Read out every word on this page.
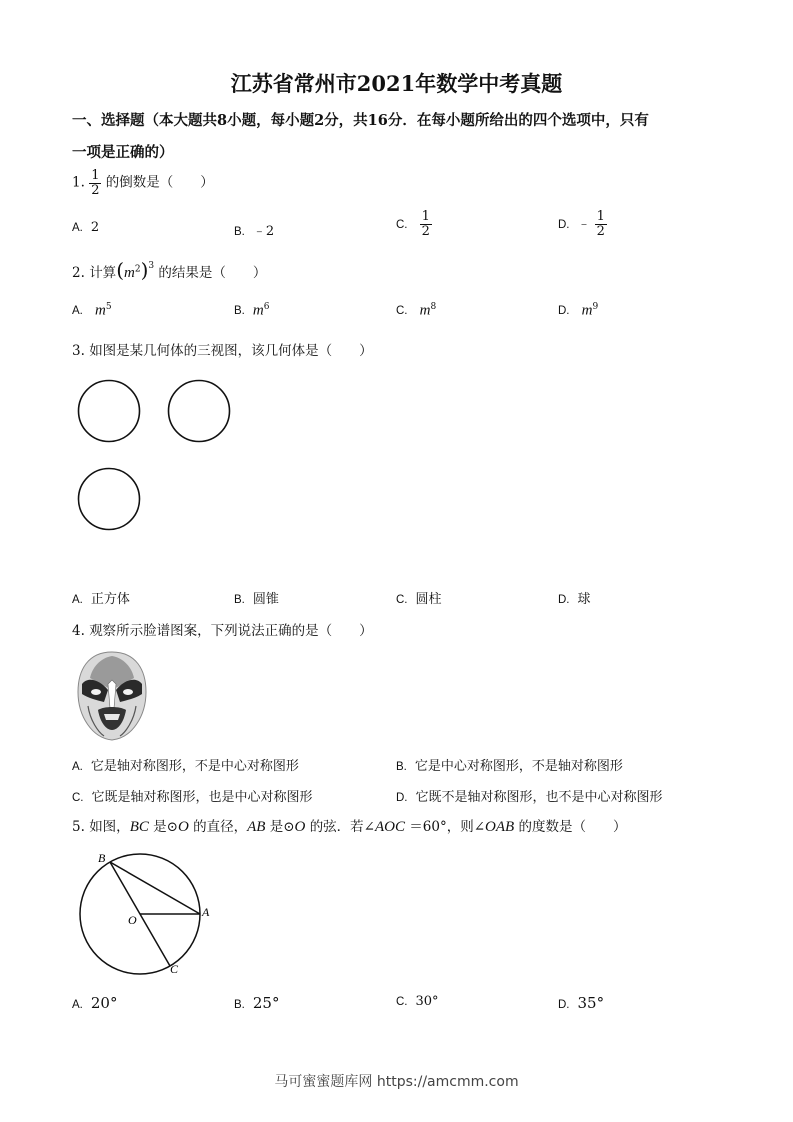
江苏省常州市2021年数学中考真题
一、选择题（本大题共8小题，每小题2分，共16分．在每小题所给出的四个选项中，只有
一项是正确的）
1. $\frac{1}{2}$ 的倒数是（　　）
A. 2	B. ﹣2	C. $\frac{1}{2}$	D. ﹣ $\frac{1}{2}$
2. 计算$(m^2)^3$ 的结果是（　　）
A. $m^5$	B. $m^6$	C. $m^8$	D. $m^9$
3. 如图是某几何体的三视图，该几何体是（　　）
A. 正方体	B. 圆锥	C. 圆柱	D. 球
4. 观察所示脸谱图案，下列说法正确的是（　　）
A. 它是轴对称图形，不是中心对称图形	B. 它是中心对称图形，不是轴对称图形
C. 它既是轴对称图形，也是中心对称图形	D. 它既不是轴对称图形，也不是中心对称图形
5. 如图，BC 是⊙O 的直径，AB 是⊙O 的弦．若∠AOC ＝60°，则∠OAB 的度数是（　　）
B
O
A
C
A. 20°	B. 25°	C. 30°	D. 35°
马可蜜蜜题库网 https://amcmm.com
